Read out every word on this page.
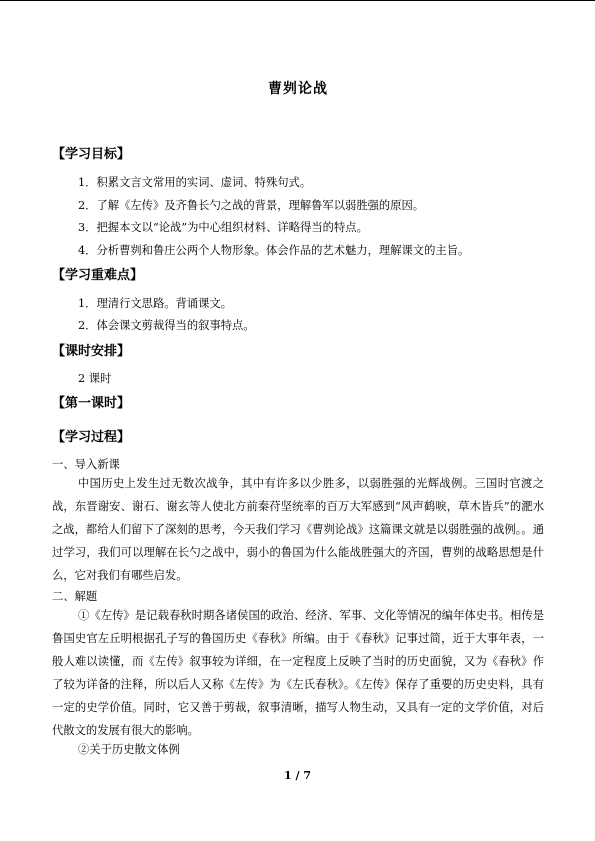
曹刿论战
【学习目标】
1．积累文言文常用的实词、虚词、特殊句式。
2．了解《左传》及齐鲁长勺之战的背景，理解鲁军以弱胜强的原因。
3．把握本文以“论战”为中心组织材料、详略得当的特点。
4．分析曹刿和鲁庄公两个人物形象。体会作品的艺术魅力，理解课文的主旨。
【学习重难点】
1．理清行文思路。背诵课文。
2．体会课文剪裁得当的叙事特点。
【课时安排】
2 课时
【第一课时】
【学习过程】
一、导入新课

中国历史上发生过无数次战争，其中有许多以少胜多，以弱胜强的光辉战例。三国时官渡之战，东晋谢安、谢石、谢玄等人使北方前秦苻坚统率的百万大军感到“风声鹤唳，草木皆兵”的淝水之战，都给人们留下了深刻的思考，今天我们学习《曹刿论战》这篇课文就是以弱胜强的战例。。通过学习，我们可以理解在长勺之战中，弱小的鲁国为什么能战胜强大的齐国，曹刿的战略思想是什么，它对我们有哪些启发。

二、解题

①《左传》是记载春秋时期各诸侯国的政治、经济、军事、文化等情况的编年体史书。相传是鲁国史官左丘明根据孔子写的鲁国历史《春秋》所编。由于《春秋》记事过简，近于大事年表，一般人难以读懂，而《左传》叙事较为详细，在一定程度上反映了当时的历史面貌，又为《春秋》作了较为详备的注释，所以后人又称《左传》为《左氏春秋》。《左传》保存了重要的历史史料，具有一定的史学价值。同时，它又善于剪裁，叙事清晰，描写人物生动，又具有一定的文学价值，对后代散文的发展有很大的影响。

②关于历史散文体例
1 / 7
